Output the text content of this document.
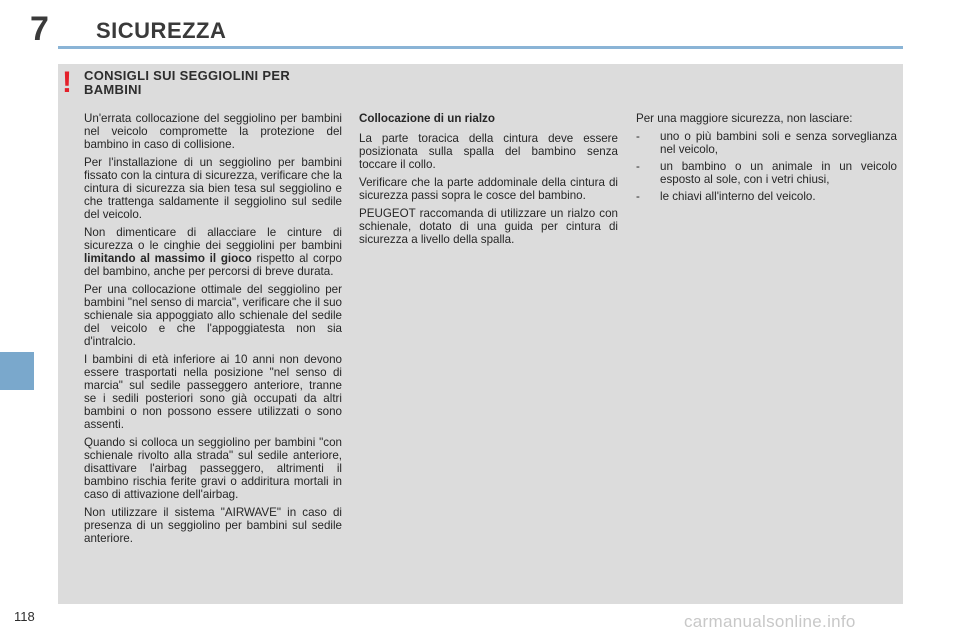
7 SICUREZZA
! CONSIGLI SUI SEGGIOLINI PER BAMBINI

Un'errata collocazione del seggiolino per bambini nel veicolo compromette la protezione del bambino in caso di collisione.

Per l'installazione di un seggiolino per bambini fissato con la cintura di sicurezza, verificare che la cintura di sicurezza sia bien tesa sul seggiolino e che trattenga saldamente il seggiolino sul sedile del veicolo.

Non dimenticare di allacciare le cinture di sicurezza o le cinghie dei seggiolini per bambini limitando al massimo il gioco rispetto al corpo del bambino, anche per percorsi di breve durata.

Per una collocazione ottimale del seggiolino per bambini "nel senso di marcia", verificare che il suo schienale sia appoggiato allo schienale del sedile del veicolo e che l'appoggiatesta non sia d'intralcio.

I bambini di età inferiore ai 10 anni non devono essere trasportati nella posizione "nel senso di marcia" sul sedile passeggero anteriore, tranne se i sedili posteriori sono già occupati da altri bambini o non possono essere utilizzati o sono assenti.

Quando si colloca un seggiolino per bambini "con schienale rivolto alla strada" sul sedile anteriore, disattivare l'airbag passeggero, altrimenti il bambino rischia ferite gravi o addiritura mortali in caso di attivazione dell'airbag.

Non utilizzare il sistema "AIRWAVE" in caso di presenza di un seggiolino per bambini sul sedile anteriore.

Collocazione di un rialzo

La parte toracica della cintura deve essere posizionata sulla spalla del bambino senza toccare il collo.

Verificare che la parte addominale della cintura di sicurezza passi sopra le cosce del bambino.

PEUGEOT raccomanda di utilizzare un rialzo con schienale, dotato di una guida per cintura di sicurezza a livello della spalla.

Per una maggiore sicurezza, non lasciare:

- uno o più bambini soli e senza sorveglianza nel veicolo,
- un bambino o un animale in un veicolo esposto al sole, con i vetri chiusi,
- le chiavi all'interno del veicolo.
118	carmanualsonline.info
